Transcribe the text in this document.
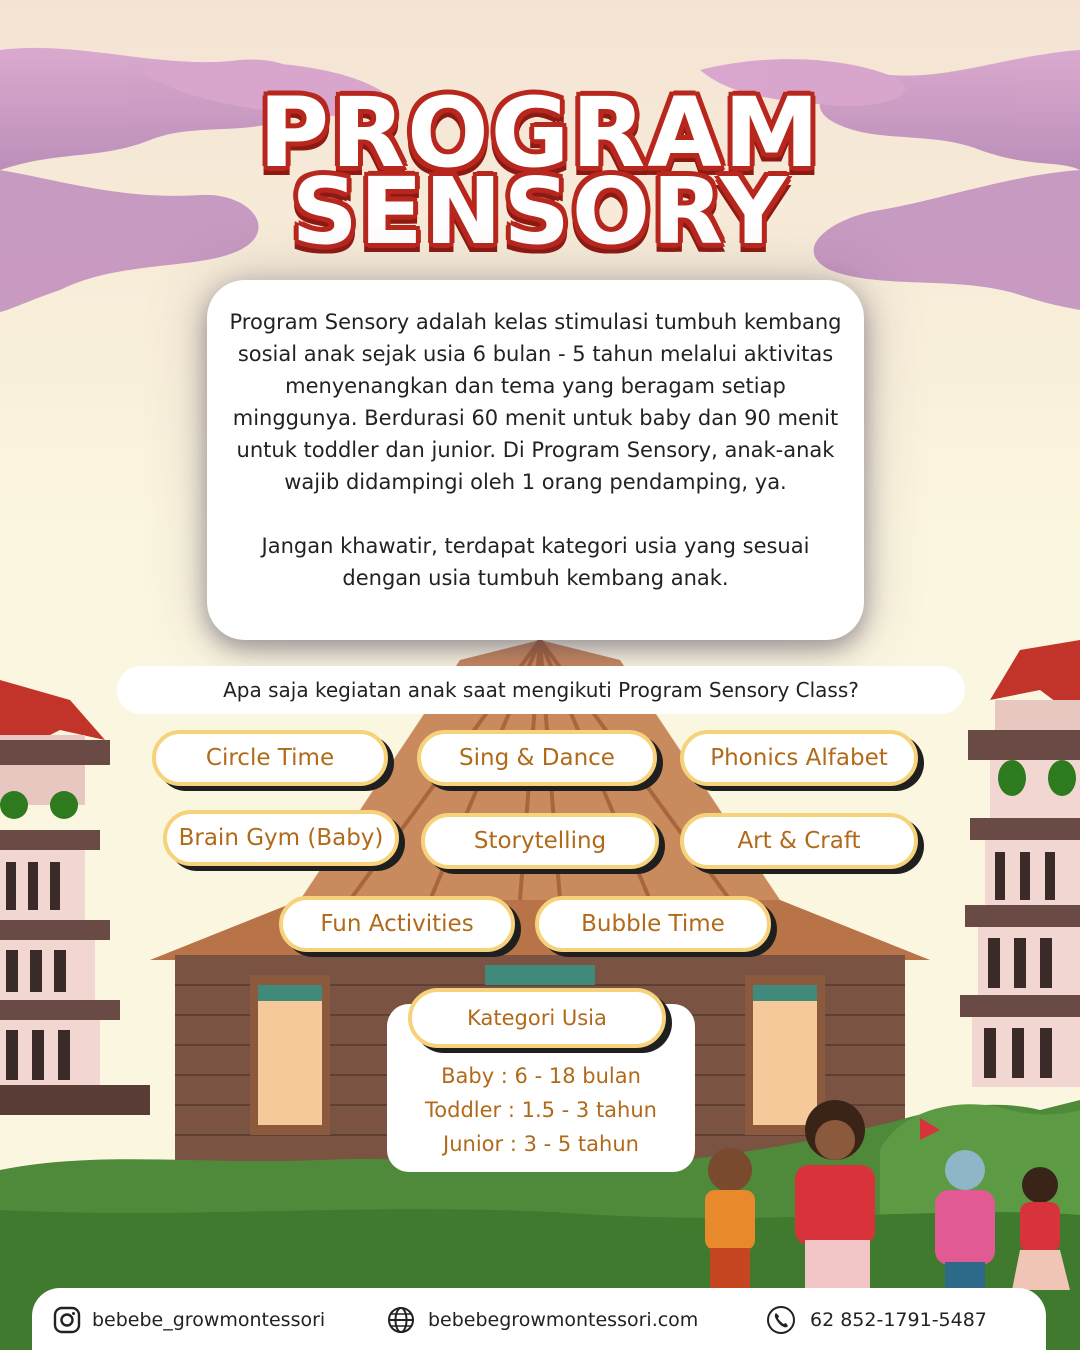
PROGRAM
SENSORY

Program Sensory adalah kelas stimulasi tumbuh kembang sosial anak sejak usia 6 bulan - 5 tahun melalui aktivitas menyenangkan dan tema yang beragam setiap minggunya. Berdurasi 60 menit untuk baby dan 90 menit untuk toddler dan junior. Di Program Sensory, anak-anak wajib didampingi oleh 1 orang pendamping, ya.

Jangan khawatir, terdapat kategori usia yang sesuai dengan usia tumbuh kembang anak.

Apa saja kegiatan anak saat mengikuti Program Sensory Class?
Circle Time	Sing & Dance	Phonics Alfabet
Brain Gym (Baby)	Storytelling	Art & Craft
Fun Activities	Bubble Time
Kategori Usia
Baby : 6 - 18 bulan
Toddler : 1.5 - 3 tahun
Junior : 3 - 5 tahun
bebebe_growmontessori	bebebegrowmontessori.com	62 852-1791-5487
